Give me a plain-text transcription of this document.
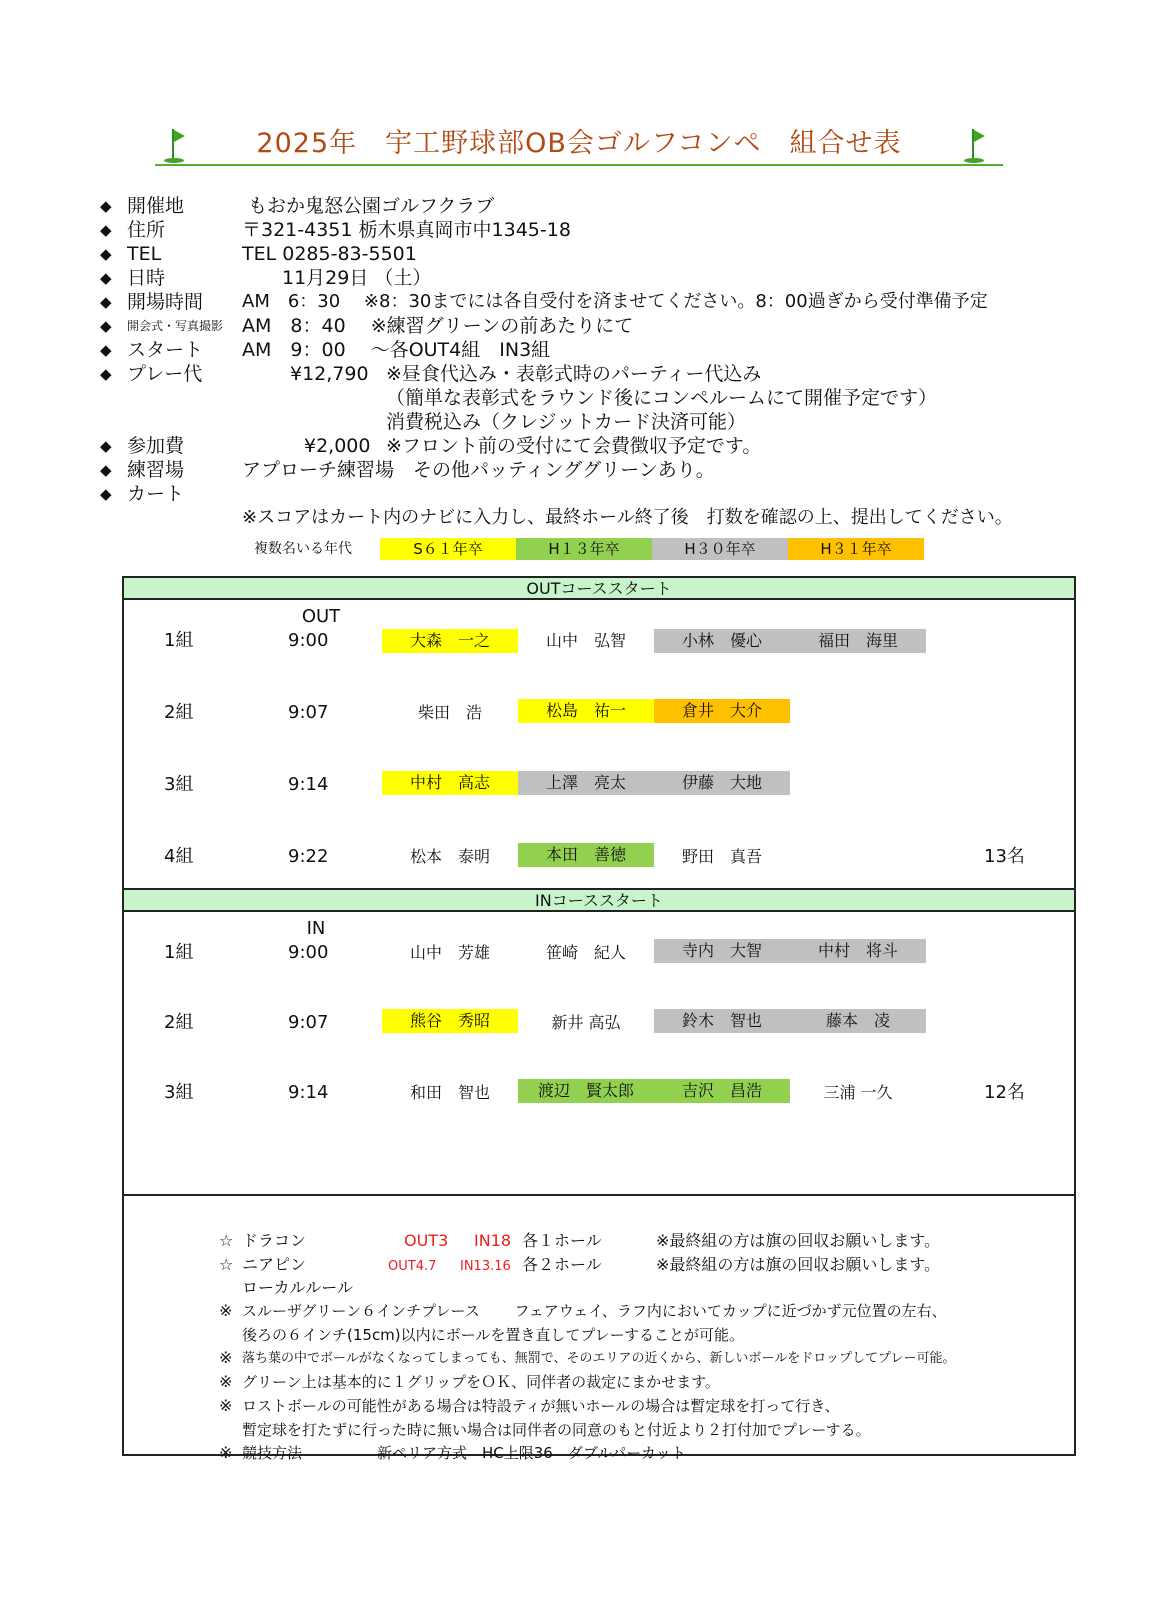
2025年　宇工野球部OB会ゴルフコンペ　組合せ表
◆ 開催地	もおか鬼怒公園ゴルフクラブ
◆ 住所	〒321-4351 栃木県真岡市中1345-18
◆ TEL	TEL 0285-83-5501
◆ 日時	11月29日 （土）
◆ 開場時間 AM　6：30　 ※8：30までには各自受付を済ませてください。8：00過ぎから受付準備予定
◆ 開会式・写真撮影 AM　8：40　 ※練習グリーンの前あたりにて
◆ スタート AM　9：00　 ～各OUT4組　IN3組
◆ プレー代	¥12,790 ※昼食代込み・表彰式時のパーティー代込み
（簡単な表彰式をラウンド後にコンペルームにて開催予定です）
消費税込み（クレジットカード決済可能）
◆ 参加費	¥2,000 ※フロント前の受付にて会費徴収予定です。
◆ 練習場	アプローチ練習場　その他パッティンググリーンあり。
◆ カート
※スコアはカート内のナビに入力し、最終ホール終了後　打数を確認の上、提出してください。
複数名いる年代	S６１年卒	H１３年卒	H３０年卒	H３１年卒
OUTコーススタート
OUT
1組	9:00	大森　一之	山中　弘智	小林　優心	福田　海里
2組	9:07	柴田　浩	松島　祐一	倉井　大介
3組	9:14	中村　高志	上澤　亮太	伊藤　大地
4組	9:22	松本　泰明	本田　善徳	野田　真吾	13名
INコーススタート
IN
1組	9:00	山中　芳雄	笹崎　紀人	寺内　大智	中村　将斗
2組	9:07	熊谷　秀昭	新井 高弘	鈴木　智也	藤本　凌
3組	9:14	和田　智也	渡辺　賢太郎	吉沢　昌浩	三浦 一久	12名
☆ ドラコン	OUT3 IN18 各１ホール	※最終組の方は旗の回収お願いします。
☆ ニアピン	OUT4.7 IN13.16 各２ホール	※最終組の方は旗の回収お願いします。
ローカルルール
※ スルーザグリーン６インチプレース　　 フェアウェイ、ラフ内においてカップに近づかず元位置の左右、
後ろの６インチ(15cm)以内にボールを置き直してプレーすることが可能。
※ 落ち葉の中でボールがなくなってしまっても、無罰で、そのエリアの近くから、新しいボールをドロップしてプレー可能。
※ グリーン上は基本的に１グリップをＯＫ、同伴者の裁定にまかせます。
※ ロストボールの可能性がある場合は特設ティが無いホールの場合は暫定球を打って行き、
暫定球を打たずに行った時に無い場合は同伴者の同意のもと付近より２打付加でプレーする。
※ 競技方法　　　　　新ペリア方式　HC上限36　ダブルパーカット
